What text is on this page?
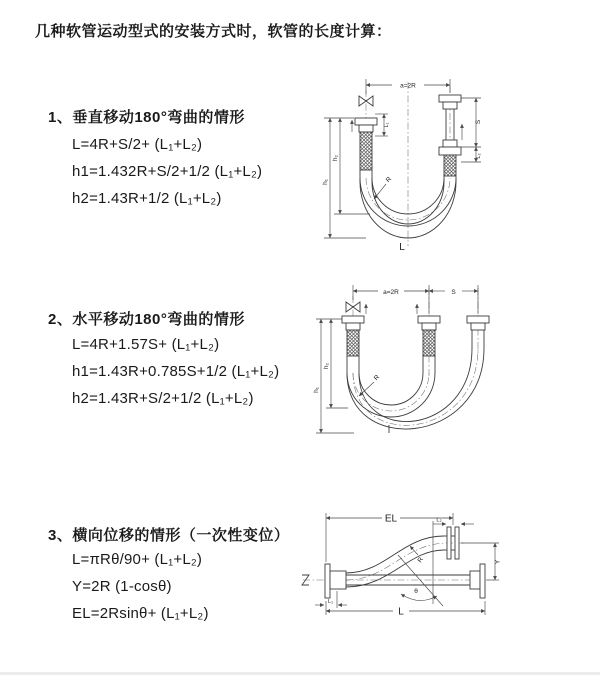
几种软管运动型式的安装方式时，软管的长度计算：
1、垂直移动180°弯曲的情形
L=4R+S/2+ (L₁+L₂)
h1=1.432R+S/2+1/2 (L₁+L₂)
h2=1.43R+1/2 (L₁+L₂)
2、水平移动180°弯曲的情形
L=4R+1.57S+ (L₁+L₂)
h1=1.43R+0.785S+1/2 (L₁+L₂)
h2=1.43R+S/2+1/2 (L₁+L₂)
3、横向位移的情形（一次性变位）
L=πRθ/90+ (L₁+L₂)
Y=2R (1-cosθ)
EL=2Rsinθ+ (L₁+L₂)
a=2R
S
L₂
L₁
h₂
h₁	R
L
a=2R	S
h₂
h₁
R
EL	L₂
Y
θ
R
L
L₁
